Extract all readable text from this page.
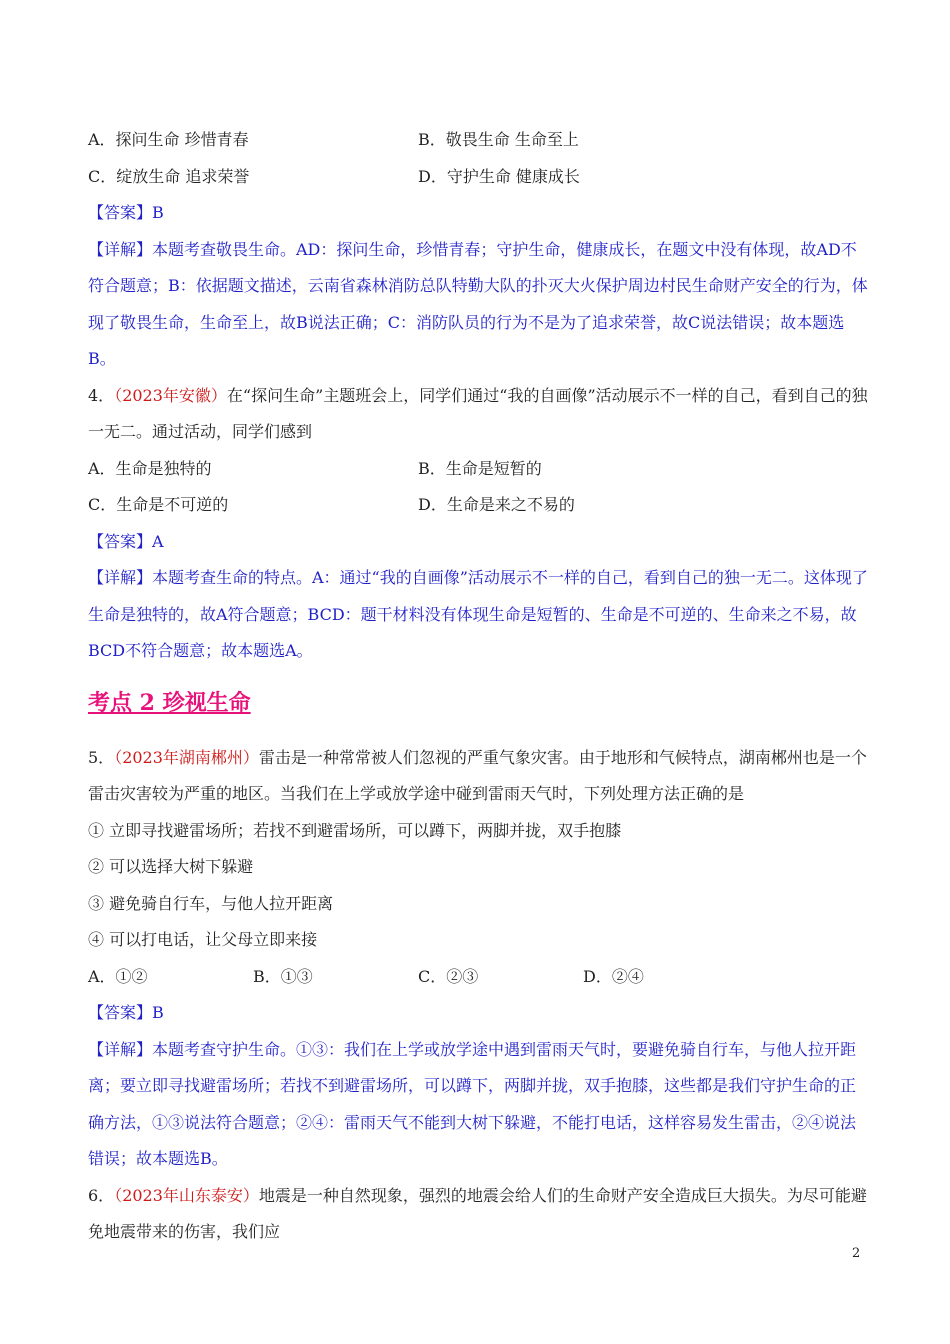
A．探问生命 珍惜青春	B．敬畏生命 生命至上
C．绽放生命 追求荣誉	D．守护生命 健康成长
【答案】B
【详解】本题考查敬畏生命。AD：探问生命，珍惜青春；守护生命，健康成长，在题文中没有体现，故AD不符合题意；B：依据题文描述，云南省森林消防总队特勤大队的扑灭大火保护周边村民生命财产安全的行为，体现了敬畏生命，生命至上，故B说法正确；C：消防队员的行为不是为了追求荣誉，故C说法错误；故本题选B。
4．（2023年安徽）在“探问生命”主题班会上，同学们通过“我的自画像”活动展示不一样的自己，看到自己的独一无二。通过活动，同学们感到
A．生命是独特的	B．生命是短暂的
C．生命是不可逆的	D．生命是来之不易的
【答案】A
【详解】本题考查生命的特点。A：通过“我的自画像”活动展示不一样的自己，看到自己的独一无二。这体现了生命是独特的，故A符合题意；BCD：题干材料没有体现生命是短暂的、生命是不可逆的、生命来之不易，故BCD不符合题意；故本题选A。
考点 2 珍视生命
5．（2023年湖南郴州）雷击是一种常常被人们忽视的严重气象灾害。由于地形和气候特点，湖南郴州也是一个雷击灾害较为严重的地区。当我们在上学或放学途中碰到雷雨天气时，下列处理方法正确的是
① 立即寻找避雷场所；若找不到避雷场所，可以蹲下，两脚并拢，双手抱膝
② 可以选择大树下躲避
③ 避免骑自行车，与他人拉开距离
④ 可以打电话，让父母立即来接
A．①②	B．①③	C．②③	D．②④
【答案】B
【详解】本题考查守护生命。①③：我们在上学或放学途中遇到雷雨天气时，要避免骑自行车，与他人拉开距离；要立即寻找避雷场所；若找不到避雷场所，可以蹲下，两脚并拢，双手抱膝，这些都是我们守护生命的正确方法，①③说法符合题意；②④：雷雨天气不能到大树下躲避，不能打电话，这样容易发生雷击，②④说法错误；故本题选B。
6．（2023年山东泰安）地震是一种自然现象，强烈的地震会给人们的生命财产安全造成巨大损失。为尽可能避免地震带来的伤害，我们应
2
